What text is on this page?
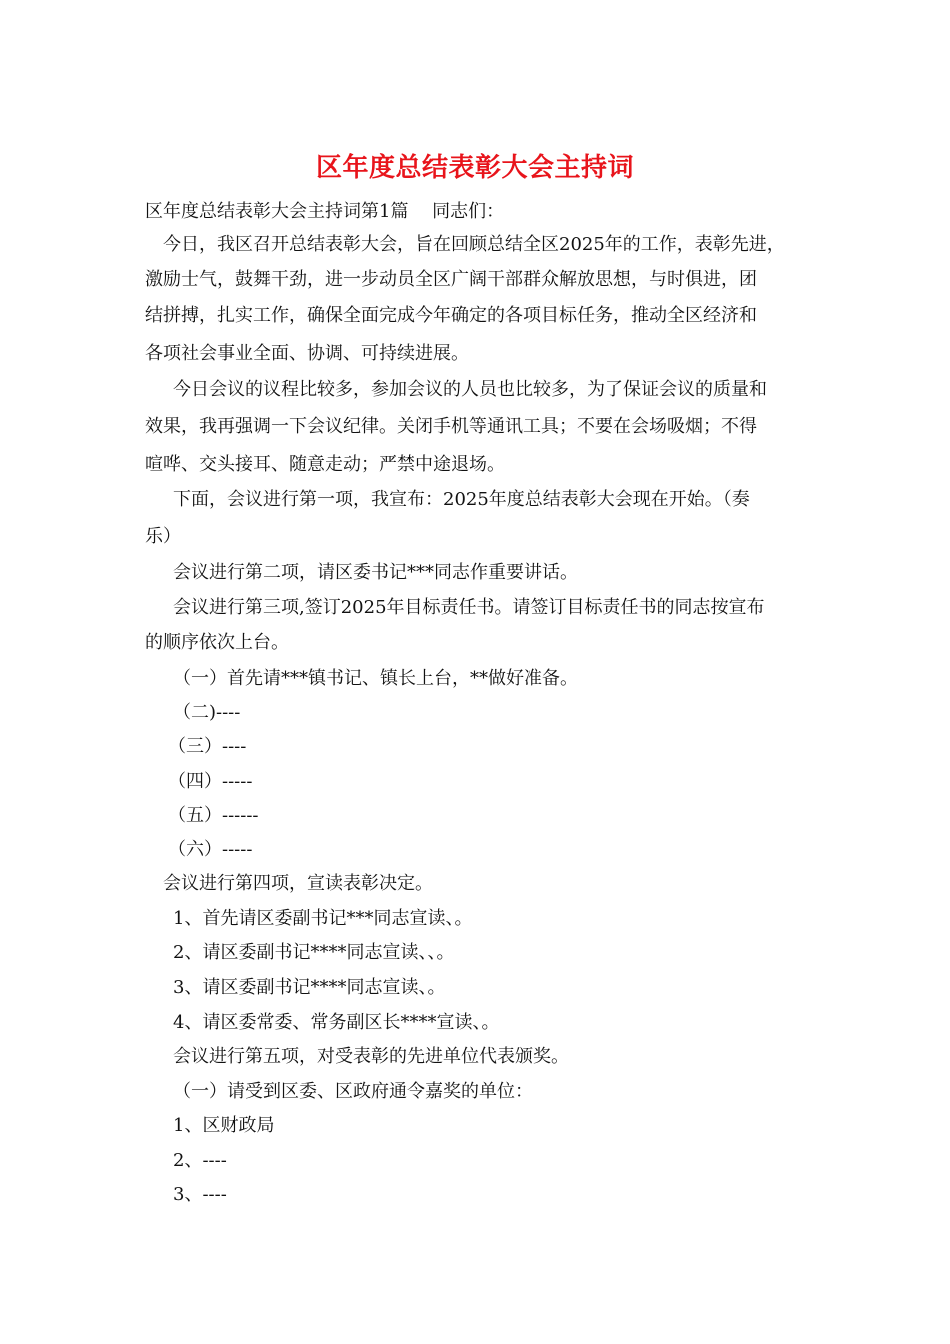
区年度总结表彰大会主持词
区年度总结表彰大会主持词第1篇　 同志们：
今日，我区召开总结表彰大会，旨在回顾总结全区2025年的工作，表彰先进，
激励士气，鼓舞干劲，进一步动员全区广阔干部群众解放思想，与时俱进，团
结拼搏，扎实工作，确保全面完成今年确定的各项目标任务，推动全区经济和
各项社会事业全面、协调、可持续进展。
今日会议的议程比较多，参加会议的人员也比较多，为了保证会议的质量和
效果，我再强调一下会议纪律。关闭手机等通讯工具；不要在会场吸烟；不得
喧哗、交头接耳、随意走动；严禁中途退场。
下面，会议进行第一项，我宣布：2025年度总结表彰大会现在开始。（奏
乐）
会议进行第二项，请区委书记***同志作重要讲话。
会议进行第三项,签订2025年目标责任书。请签订目标责任书的同志按宣布
的顺序依次上台。
（一）首先请***镇书记、镇长上台，**做好准备。
（二)----
（三）----
（四）-----
（五）------
（六）-----
会议进行第四项，宣读表彰决定。
1、首先请区委副书记***同志宣读、。
2、请区委副书记****同志宣读、、。
3、请区委副书记****同志宣读、。
4、请区委常委、常务副区长****宣读、。
会议进行第五项，对受表彰的先进单位代表颁奖。
（一）请受到区委、区政府通令嘉奖的单位：
1、区财政局
2、----
3、----
